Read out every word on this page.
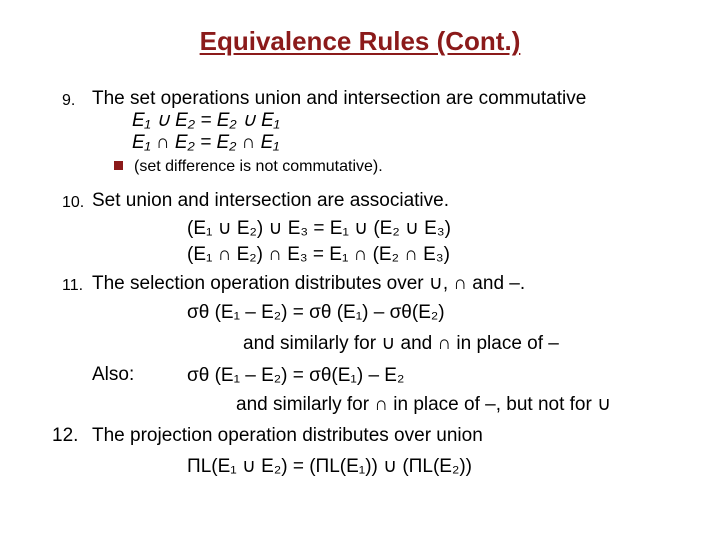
Equivalence Rules (Cont.)
9. The set operations union and intersection are commutative
E₁ ∪ E₂ = E₂ ∪ E₁
E₁ ∩ E₂ = E₂ ∩ E₁
(set difference is not commutative).
10. Set union and intersection are associative.
(E₁ ∪ E₂) ∪ E₃ = E₁ ∪ (E₂ ∪ E₃)
(E₁ ∩ E₂) ∩ E₃ = E₁ ∩ (E₂ ∩ E₃)
11. The selection operation distributes over ∪, ∩ and –.
σθ (E₁ – E₂) = σθ (E₁) – σθ(E₂)
and similarly for ∪ and ∩ in place of –
Also:	σθ (E₁ – E₂) = σθ(E₁) – E₂
and similarly for ∩ in place of –, but not for ∪
12. The projection operation distributes over union
ΠL(E₁ ∪ E₂) = (ΠL(E₁)) ∪ (ΠL(E₂))
